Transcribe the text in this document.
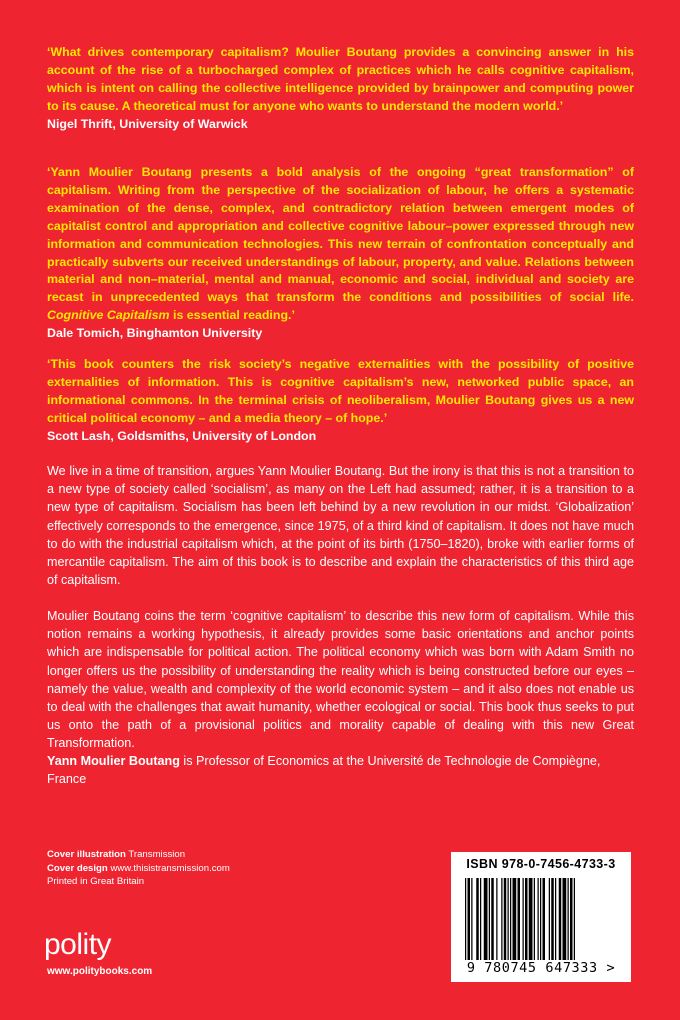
‘What drives contemporary capitalism? Moulier Boutang provides a convincing answer in his account of the rise of a turbocharged complex of practices which he calls cognitive capitalism, which is intent on calling the collective intelligence provided by brainpower and computing power to its cause. A theoretical must for anyone who wants to understand the modern world.’
Nigel Thrift, University of Warwick

‘Yann Moulier Boutang presents a bold analysis of the ongoing “great transformation” of capitalism. Writing from the perspective of the socialization of labour, he offers a systematic examination of the dense, complex, and contradictory relation between emergent modes of capitalist control and appropriation and collective cognitive labour–power expressed through new information and communication technologies. This new terrain of confrontation conceptually and practically subverts our received understandings of labour, property, and value. Relations between material and non–material, mental and manual, economic and social, individual and society are recast in unprecedented ways that transform the conditions and possibilities of social life. Cognitive Capitalism is essential reading.’
Dale Tomich, Binghamton University

‘This book counters the risk society’s negative externalities with the possibility of positive externalities of information. This is cognitive capitalism’s new, networked public space, an informational commons. In the terminal crisis of neoliberalism, Moulier Boutang gives us a new critical political economy – and a media theory – of hope.’
Scott Lash, Goldsmiths, University of London

We live in a time of transition, argues Yann Moulier Boutang. But the irony is that this is not a transition to a new type of society called ‘socialism’, as many on the Left had assumed; rather, it is a transition to a new type of capitalism. Socialism has been left behind by a new revolution in our midst. ‘Globalization’ effectively corresponds to the emergence, since 1975, of a third kind of capitalism. It does not have much to do with the industrial capitalism which, at the point of its birth (1750–1820), broke with earlier forms of mercantile capitalism. The aim of this book is to describe and explain the characteristics of this third age of capitalism.

Moulier Boutang coins the term ‘cognitive capitalism’ to describe this new form of capitalism. While this notion remains a working hypothesis, it already provides some basic orientations and anchor points which are indispensable for political action. The political economy which was born with Adam Smith no longer offers us the possibility of understanding the reality which is being constructed before our eyes – namely the value, wealth and complexity of the world economic system – and it also does not enable us to deal with the challenges that await humanity, whether ecological or social. This book thus seeks to put us onto the path of a provisional politics and morality capable of dealing with this new Great Transformation.

Yann Moulier Boutang is Professor of Economics at the Université de Technologie de Compiègne, France

Cover illustration Transmission
Cover design www.thisistransmission.com
Printed in Great Britain
polity
www.politybooks.com
ISBN 978-0-7456-4733-3
9 780745 647333 >
